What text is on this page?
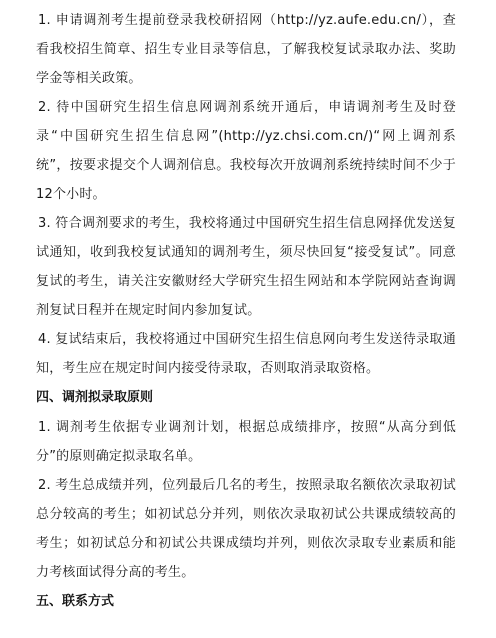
1. 申请调剂考生提前登录我校研招网（http://yz.aufe.edu.cn/），查看我校招生简章、招生专业目录等信息，了解我校复试录取办法、奖助学金等相关政策。

2. 待中国研究生招生信息网调剂系统开通后，申请调剂考生及时登录“中国研究生招生信息网”(http://yz.chsi.com.cn/)“网上调剂系统”，按要求提交个人调剂信息。我校每次开放调剂系统持续时间不少于12个小时。

3. 符合调剂要求的考生，我校将通过中国研究生招生信息网择优发送复试通知，收到我校复试通知的调剂考生，须尽快回复“接受复试”。同意复试的考生，请关注安徽财经大学研究生招生网站和本学院网站查询调剂复试日程并在规定时间内参加复试。

4. 复试结束后，我校将通过中国研究生招生信息网向考生发送待录取通知，考生应在规定时间内接受待录取，否则取消录取资格。

四、调剂拟录取原则

1. 调剂考生依据专业调剂计划，根据总成绩排序，按照“从高分到低分”的原则确定拟录取名单。

2. 考生总成绩并列，位列最后几名的考生，按照录取名额依次录取初试总分较高的考生；如初试总分并列，则依次录取初试公共课成绩较高的考生；如初试总分和初试公共课成绩均并列，则依次录取专业素质和能力考核面试得分高的考生。

五、联系方式
